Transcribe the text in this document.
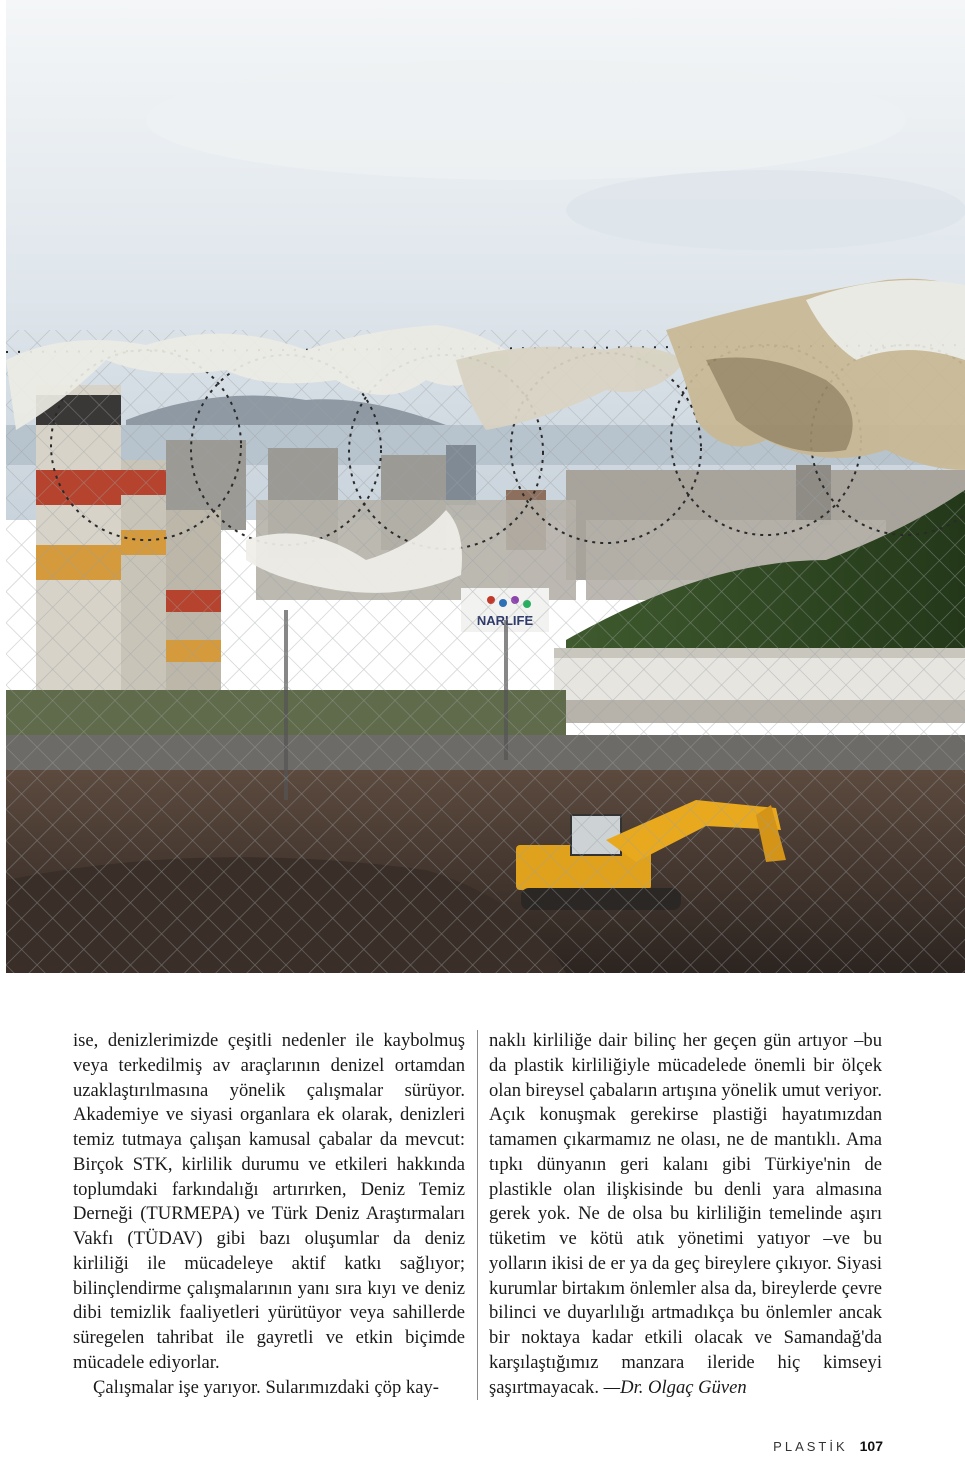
ise, denizlerimizde çeşitli nedenler ile kaybolmuş veya terkedilmiş av araçlarının denizel ortamdan uzaklaştırılmasına yönelik çalışmalar sürüyor. Akademiye ve siyasi organlara ek olarak, denizleri temiz tutmaya çalışan kamusal çabalar da mevcut: Birçok STK, kirlilik durumu ve etkileri hakkında toplumdaki farkındalığı artırırken, Deniz Temiz Derneği (TURMEPA) ve Türk Deniz Araştırmaları Vakfı (TÜDAV) gibi bazı oluşumlar da deniz kirliliği ile mücadeleye aktif katkı sağlıyor; bilinçlendirme çalışmalarının yanı sıra kıyı ve deniz dibi temizlik faaliyetleri yürütüyor veya sahillerde süregelen tahribat ile gayretli ve etkin biçimde mücadele ediyorlar.

Çalışmalar işe yarıyor. Sularımızdaki çöp kay-

naklı kirliliğe dair bilinç her geçen gün artıyor –bu da plastik kirliliğiyle mücadelede önemli bir ölçek olan bireysel çabaların artışına yönelik umut veriyor. Açık konuşmak gerekirse plastiği hayatımızdan tamamen çıkarmamız ne olası, ne de mantıklı. Ama tıpkı dünyanın geri kalanı gibi Türkiye'nin de plastikle olan ilişkisinde bu denli yara almasına gerek yok. Ne de olsa bu kirliliğin temelinde aşırı tüketim ve kötü atık yönetimi yatıyor –ve bu yolların ikisi de er ya da geç bireylere çıkıyor. Siyasi kurumlar birtakım önlemler alsa da, bireylerde çevre bilinci ve duyarlılığı artmadıkça bu önlemler ancak bir noktaya kadar etkili olacak ve Samandağ'da karşılaştığımız manzara ileride hiç kimseyi şaşırtmayacak. —Dr. Olgaç Güven

PLASTİK 107
